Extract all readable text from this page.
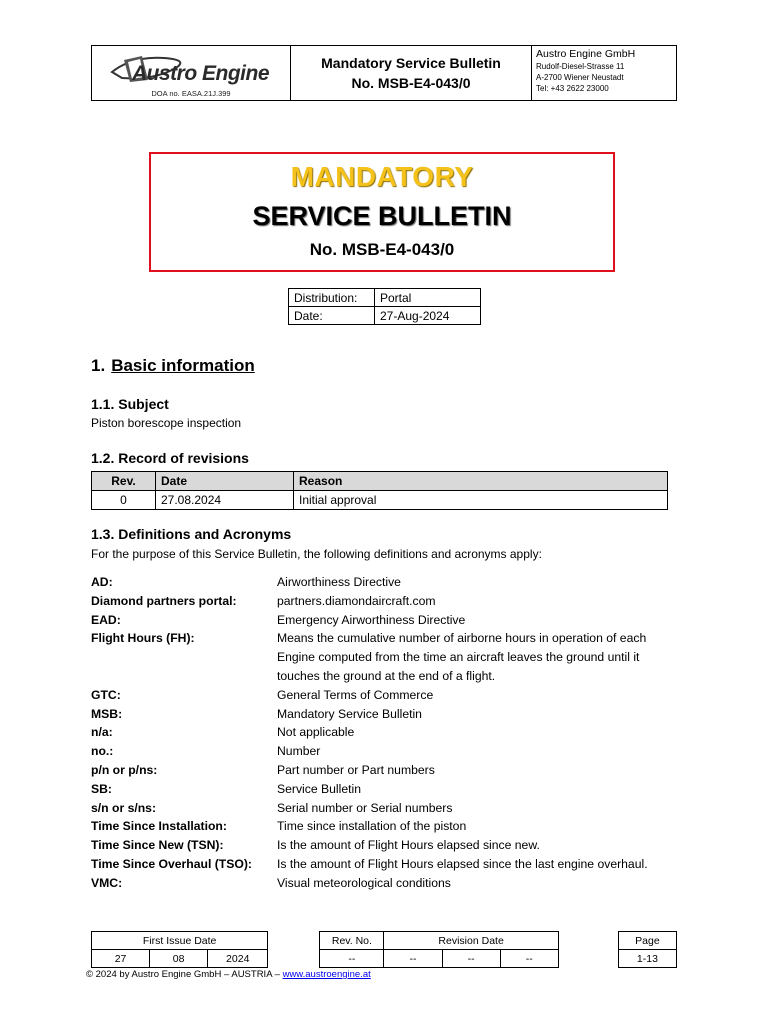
Austro Engine
DOA no. EASA.21J.399
Mandatory Service Bulletin
No. MSB-E4-043/0
Austro Engine GmbH
Rudolf-Diesel-Strasse 11
A-2700 Wiener Neustadt
Tel: +43 2622 23000
MANDATORY
SERVICE BULLETIN
No. MSB-E4-043/0
Distribution:	Portal
Date:	27-Aug-2024
1. Basic information
1.1. Subject
Piston borescope inspection
1.2. Record of revisions
Rev.	Date	Reason
0	27.08.2024	Initial approval
1.3. Definitions and Acronyms
For the purpose of this Service Bulletin, the following definitions and acronyms apply:
AD:	Airworthiness Directive
Diamond partners portal:	partners.diamondaircraft.com
EAD:	Emergency Airworthiness Directive
Flight Hours (FH):	Means the cumulative number of airborne hours in operation of each Engine computed from the time an aircraft leaves the ground until it touches the ground at the end of a flight.
GTC:	General Terms of Commerce
MSB:	Mandatory Service Bulletin
n/a:	Not applicable
no.:	Number
p/n or p/ns:	Part number or Part numbers
SB:	Service Bulletin
s/n or s/ns:	Serial number or Serial numbers
Time Since Installation:	Time since installation of the piston
Time Since New (TSN):	Is the amount of Flight Hours elapsed since new.
Time Since Overhaul (TSO):	Is the amount of Flight Hours elapsed since the last engine overhaul.
VMC:	Visual meteorological conditions
First Issue Date				Rev. No.	Revision Date				Page
27	08	2024		--	--	--	--		1-13
© 2024 by Austro Engine GmbH – AUSTRIA – www.austroengine.at
